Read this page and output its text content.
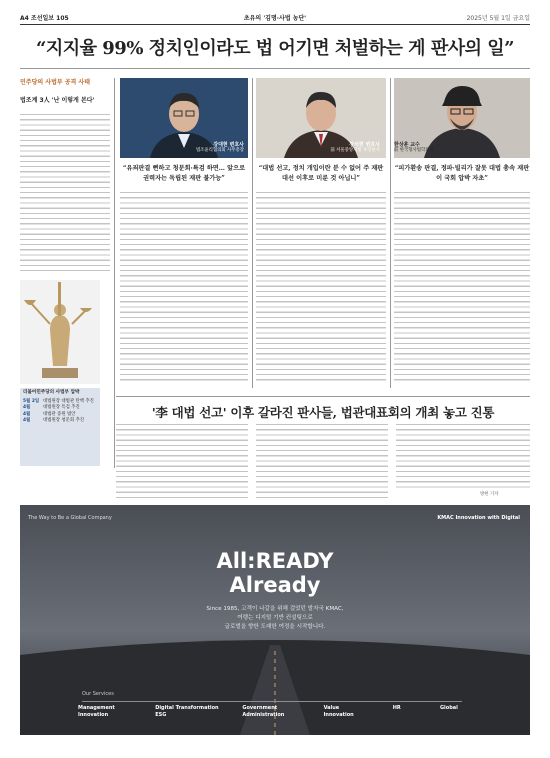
A4 조선일보 105	초유의 '김명·사법 농단'	2025년 5월 1일 금요일
“지지율 99% 정치인이라도 법 어기면 처벌하는 게 판사의 일”
민주당의 사법부 공격 사태
법조계 3人 '난 이렇게 본다'
더불어민주당의 사법부 압박
5월 2일 대법원장 대법관 탄핵 추진
4월	대법원장 특검 추진
4월	대법관 증원 법안
4월	대법원장 청문회 추진
강대현 변호사
법조윤리협의회 사무총장
“유죄판결 뻔하고 청문회·특검 하면… 앞으로 권력자는 독립된 재판 불가능”
강석현 변호사
前 서울중앙지법 부장판사
“대법 선고, 정치 개입이란 분 수 없어 주 재판 대선 이후로 미룬 것 아닙니”
한상훈 교수
前 한국형사법학회장
“피가환송 판결, 정파·빌리가 잘못 대법 총속 재판이 국회 압박 자초”
'李 대법 선고' 이후 갈라진 판사들, 법관대표회의 개최 놓고 진통
방현 기자
The Way to Be a Global Company	KMAC Innovation with Digital
All:READY
Already
Since 1985, 고객이 나갈을 위해 걸었던 발자국 KMAC,
여렝는 디지털 기반 컨설팅으로
글로벌을 향한 도래한 여정을 시작합니다.
Our Services
Management Innovation
Digital Transformation ESG
Government Administration
Value Innovation
HR	Global
